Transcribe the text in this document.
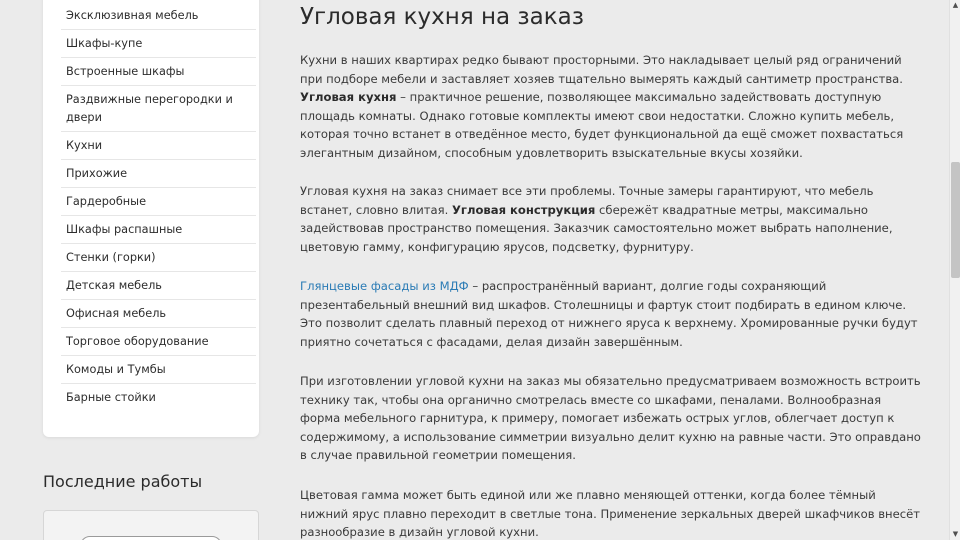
Эксклюзивная мебель
Шкафы-купе
Встроенные шкафы
Раздвижные перегородки и двери
Кухни
Прихожие
Гардеробные
Шкафы распашные
Стенки (горки)
Детская мебель
Офисная мебель
Торговое оборудование
Комоды и Тумбы
Барные стойки
Последние работы
Угловая кухня на заказ

Кухни в наших квартирах редко бывают просторными. Это накладывает целый ряд ограничений при подборе мебели и заставляет хозяев тщательно вымерять каждый сантиметр пространства. Угловая кухня – практичное решение, позволяющее максимально задействовать доступную площадь комнаты. Однако готовые комплекты имеют свои недостатки. Сложно купить мебель, которая точно встанет в отведённое место, будет функциональной да ещё сможет похвастаться элегантным дизайном, способным удовлетворить взыскательные вкусы хозяйки.

Угловая кухня на заказ снимает все эти проблемы. Точные замеры гарантируют, что мебель встанет, словно влитая. Угловая конструкция сбережёт квадратные метры, максимально задействовав пространство помещения. Заказчик самостоятельно может выбрать наполнение, цветовую гамму, конфигурацию ярусов, подсветку, фурнитуру.

Глянцевые фасады из МДФ – распространённый вариант, долгие годы сохраняющий презентабельный внешний вид шкафов. Столешницы и фартук стоит подбирать в едином ключе. Это позволит сделать плавный переход от нижнего яруса к верхнему. Хромированные ручки будут приятно сочетаться с фасадами, делая дизайн завершённым.

При изготовлении угловой кухни на заказ мы обязательно предусматриваем возможность встроить технику так, чтобы она органично смотрелась вместе со шкафами, пеналами. Волнообразная форма мебельного гарнитура, к примеру, помогает избежать острых углов, облегчает доступ к содержимому, а использование симметрии визуально делит кухню на равные части. Это оправдано в случае правильной геометрии помещения.

Цветовая гамма может быть единой или же плавно меняющей оттенки, когда более тёмный нижний ярус плавно переходит в светлые тона. Применение зеркальных дверей шкафчиков внесёт разнообразие в дизайн угловой кухни.

▲
▼
